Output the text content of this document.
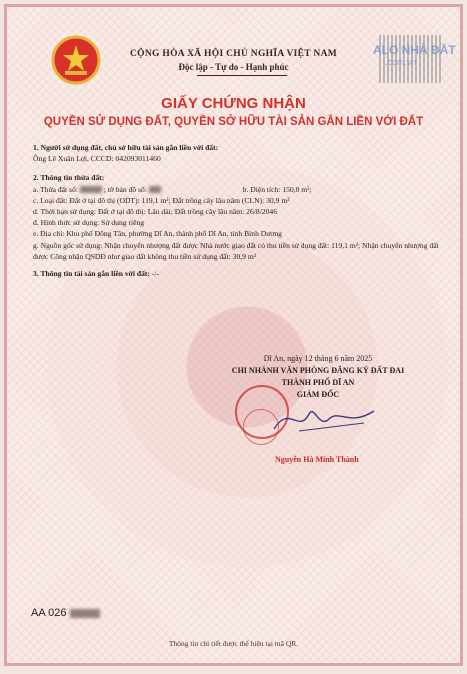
CỘNG HÒA XÃ HỘI CHỦ NGHĨA VIỆT NAM
Độc lập - Tự do - Hạnh phúc
ALO NHÀ ĐẤT
.com.vn
GIẤY CHỨNG NHẬN
QUYỀN SỬ DỤNG ĐẤT, QUYỀN SỞ HỮU TÀI SẢN GẮN LIỀN VỚI ĐẤT
1. Người sử dụng đất, chủ sở hữu tài sản gắn liền với đất:
Ông Lê Xuân Lợi, CCCD: 042093011460
2. Thông tin thửa đất:
a. Thửa đất số:	; tờ bản đồ số:	b. Diện tích: 150,0 m²;
c. Loại đất: Đất ở tại đô thị (ODT): 119,1 m²; Đất trồng cây lâu năm (CLN): 30,9 m²
d. Thời hạn sử dụng: Đất ở tại đô thị: Lâu dài; Đất trồng cây lâu năm: 26/8/2046
đ. Hình thức sử dụng: Sử dụng riêng
e. Địa chỉ: Khu phố Đông Tân, phường Dĩ An, thành phố Dĩ An, tỉnh Bình Dương
g. Nguồn gốc sử dụng: Nhận chuyển nhượng đất được Nhà nước giao đất có thu tiền sử dụng đất: 119,1 m²; Nhận chuyển nhượng đất được Công nhận QSDĐ như giao đất không thu tiền sử dụng đất: 30,9 m²
3. Thông tin tài sản gắn liền với đất: -/-
Dĩ An, ngày 12 tháng 6 năm 2025
CHI NHÁNH VĂN PHÒNG ĐĂNG KÝ ĐẤT ĐAI
THÀNH PHỐ DĨ AN
GIÁM ĐỐC
Nguyễn Hà Minh Thành
AA 026
Thông tin chi tiết được thể hiện tại mã QR.
